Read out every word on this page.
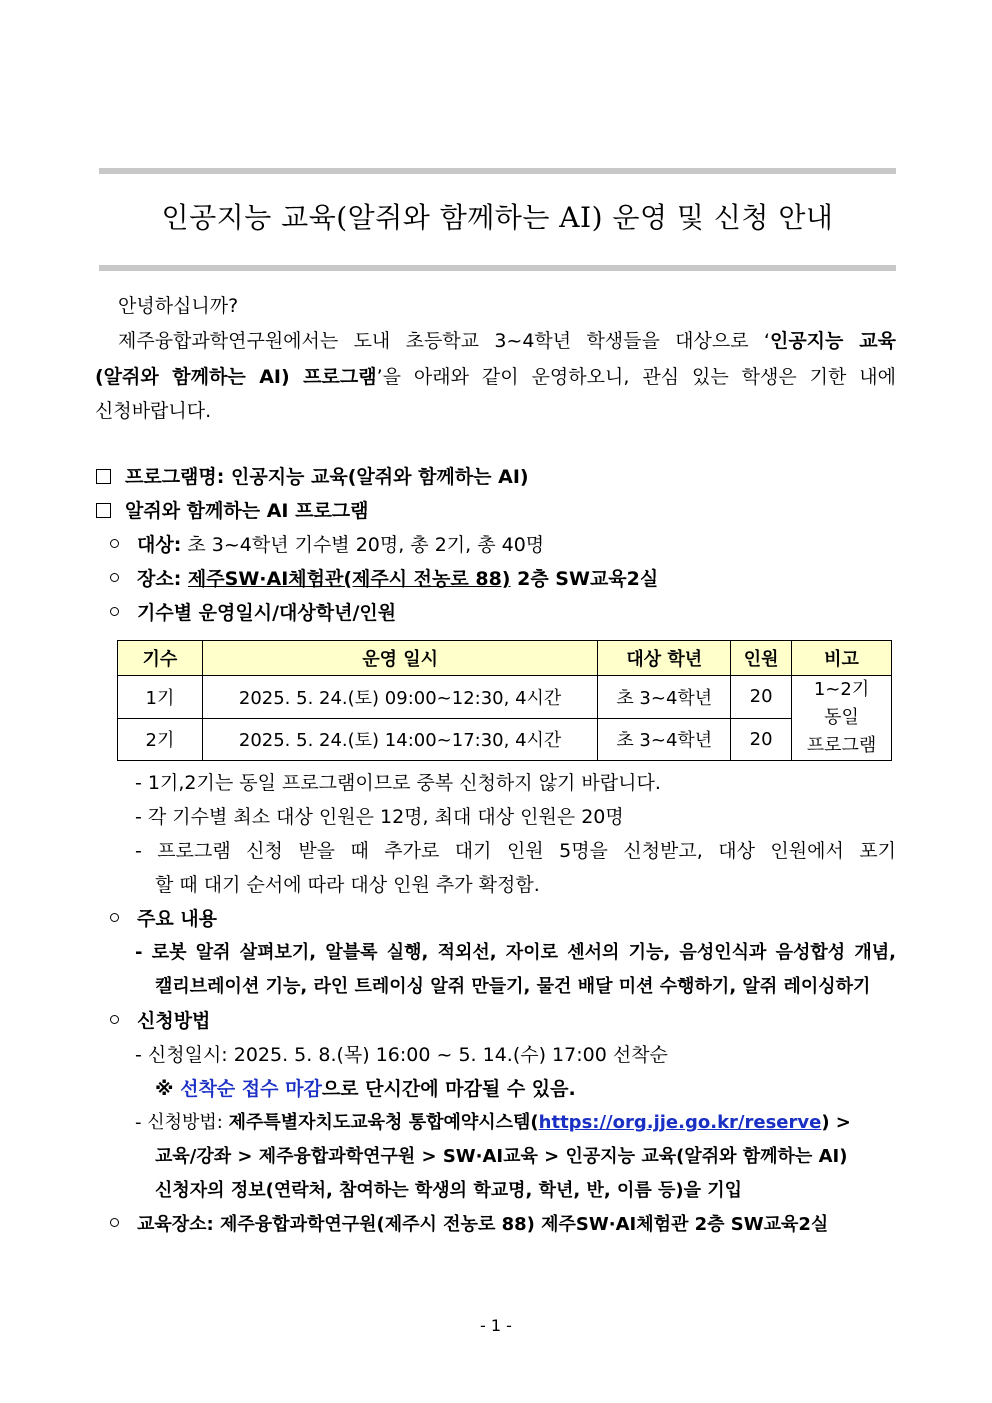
인공지능 교육(알쥐와 함께하는 AI) 운영 및 신청 안내
안녕하십니까?
제주융합과학연구원에서는 도내 초등학교 3~4학년 학생들을 대상으로 ‘인공지능 교육
(알쥐와 함께하는 AI) 프로그램’을 아래와 같이 운영하오니, 관심 있는 학생은 기한 내에
신청바랍니다.
프로그램명: 인공지능 교육(알쥐와 함께하는 AI)
알쥐와 함께하는 AI 프로그램
대상: 초 3~4학년 기수별 20명, 총 2기, 총 40명
장소: 제주SW·AI체험관(제주시 전농로 88) 2층 SW교육2실
기수별 운영일시/대상학년/인원
기수	운영 일시	대상 학년	인원	비고
1기	2025. 5. 24.(토) 09:00~12:30, 4시간	초 3~4학년	20	1~2기
동일
프로그램

2기	2025. 5. 24.(토) 14:00~17:30, 4시간	초 3~4학년	20	
- 1기,2기는 동일 프로그램이므로 중복 신청하지 않기 바랍니다.
- 각 기수별 최소 대상 인원은 12명, 최대 대상 인원은 20명
- 프로그램 신청 받을 때 추가로 대기 인원 5명을 신청받고, 대상 인원에서 포기
할 때 대기 순서에 따라 대상 인원 추가 확정함.
주요 내용
- 로봇 알쥐 살펴보기, 알블록 실행, 적외선, 자이로 센서의 기능, 음성인식과 음성합성 개념,
캘리브레이션 기능, 라인 트레이싱 알쥐 만들기, 물건 배달 미션 수행하기, 알쥐 레이싱하기
신청방법
- 신청일시: 2025. 5. 8.(목) 16:00 ~ 5. 14.(수) 17:00 선착순
※ 선착순 접수 마감으로 단시간에 마감될 수 있음.
- 신청방법: 제주특별자치도교육청 통합예약시스템(https://org.jje.go.kr/reserve) >
교육/강좌 > 제주융합과학연구원 > SW·AI교육 > 인공지능 교육(알쥐와 함께하는 AI)
신청자의 정보(연락처, 참여하는 학생의 학교명, 학년, 반, 이름 등)을 기입
교육장소: 제주융합과학연구원(제주시 전농로 88) 제주SW·AI체험관 2층 SW교육2실
- 1 -
